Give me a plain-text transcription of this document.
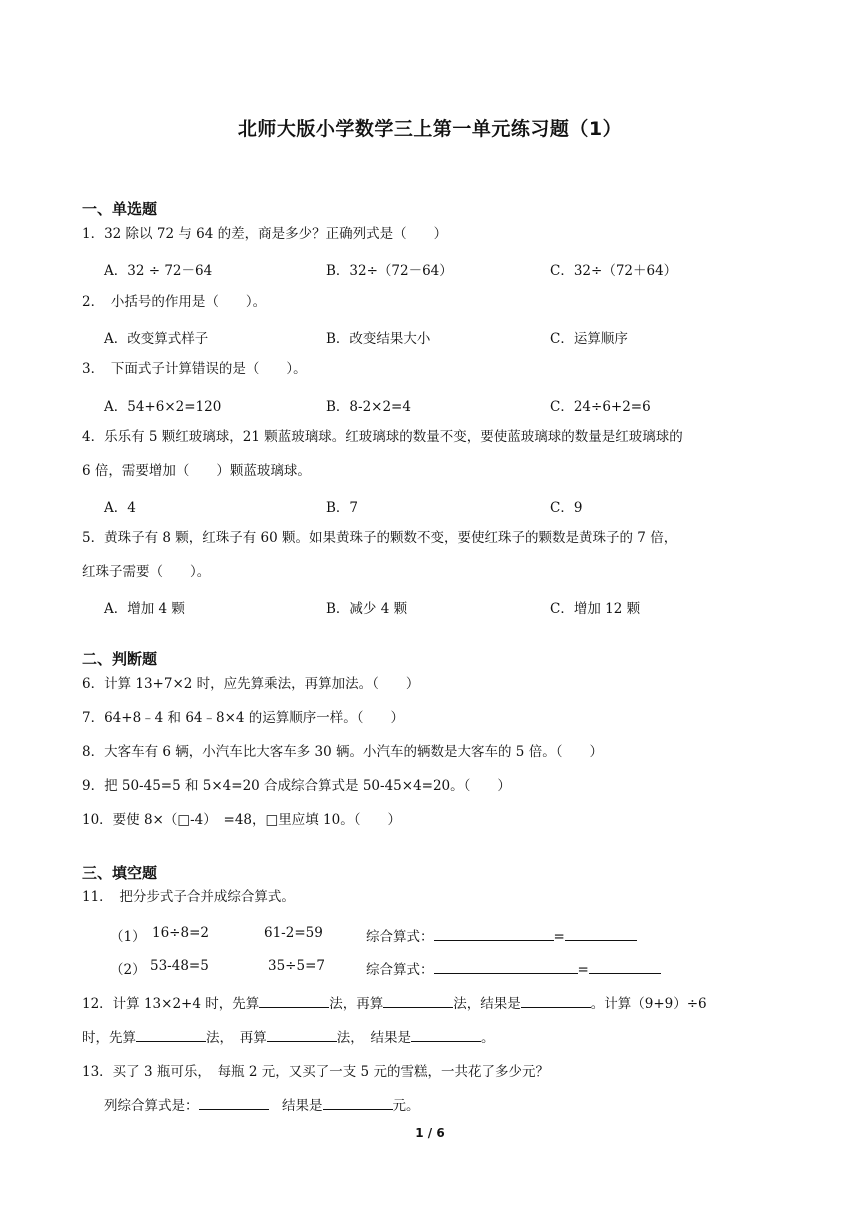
北师大版小学数学三上第一单元练习题（1）
一、单选题
1．32 除以 72 与 64 的差，商是多少？正确列式是（　　）
A．32 ÷ 72－64	B．32÷（72－64）	C．32÷（72＋64）
2．　小括号的作用是（　　）。
A．改变算式样子	B．改变结果大小	C．运算顺序
3．　下面式子计算错误的是（　　）。
A．54+6×2=120	B．8-2×2=4	C．24÷6+2=6
4．乐乐有 5 颗红玻璃球，21 颗蓝玻璃球。红玻璃球的数量不变，要使蓝玻璃球的数量是红玻璃球的
6 倍，需要增加（　　）颗蓝玻璃球。
A．4	B．7	C．9
5．黄珠子有 8 颗，红珠子有 60 颗。如果黄珠子的颗数不变，要使红珠子的颗数是黄珠子的 7 倍，
红珠子需要（　　）。
A．增加 4 颗	B．减少 4 颗	C．增加 12 颗
二、判断题
6．计算 13+7×2 时，应先算乘法，再算加法。（　　）
7．64+8﹣4 和 64﹣8×4 的运算顺序一样。（　　）
8．大客车有 6 辆，小汽车比大客车多 30 辆。小汽车的辆数是大客车的 5 倍。（　　）
9．把 50-45=5 和 5×4=20 合成综合算式是 50-45×4=20。（　　）
10．要使 8×（□-4）　=48，□里应填 10。（　　）
三、填空题
11．　把分步式子合并成综合算式。
（1） 16÷8=2	61-2=59	综合算式：	=
（2） 53-48=5	35÷5=7	综合算式：	=
12．计算 13×2+4 时，先算	法，再算	法，结果是	。计算（9+9）÷6
时，先算	法，　再算	法，　结果是	。
13．买了 3 瓶可乐，　每瓶 2 元，又买了一支 5 元的雪糕，一共花了多少元？
列综合算式是：	　结果是	元。
1 / 6
